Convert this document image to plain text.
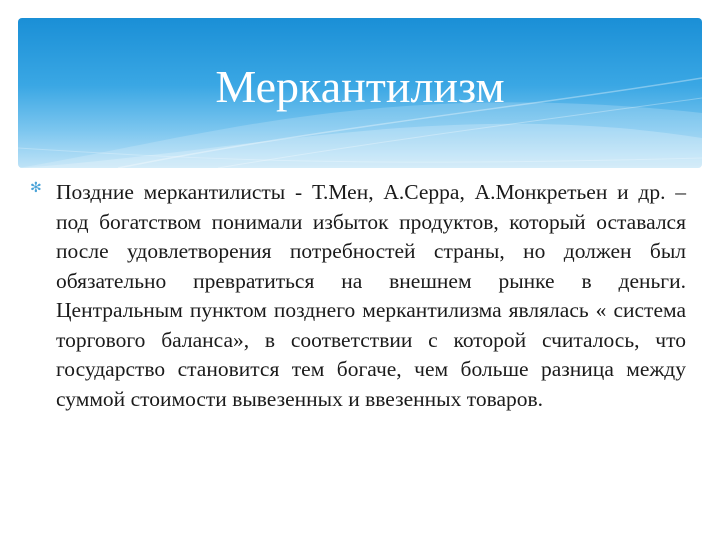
Меркантилизм
✻ Поздние меркантилисты - Т.Мен, А.Серра, А.Монкретьен и др. – под богатством понимали избыток продуктов, который оставался после удовлетворения потребностей страны, но должен был обязательно превратиться на внешнем рынке в деньги. Центральным пунктом позднего меркантилизма являлась « система торгового баланса», в соответствии с которой считалось, что государство становится тем богаче, чем больше разница между суммой стоимости вывезенных и ввезенных товаров.
